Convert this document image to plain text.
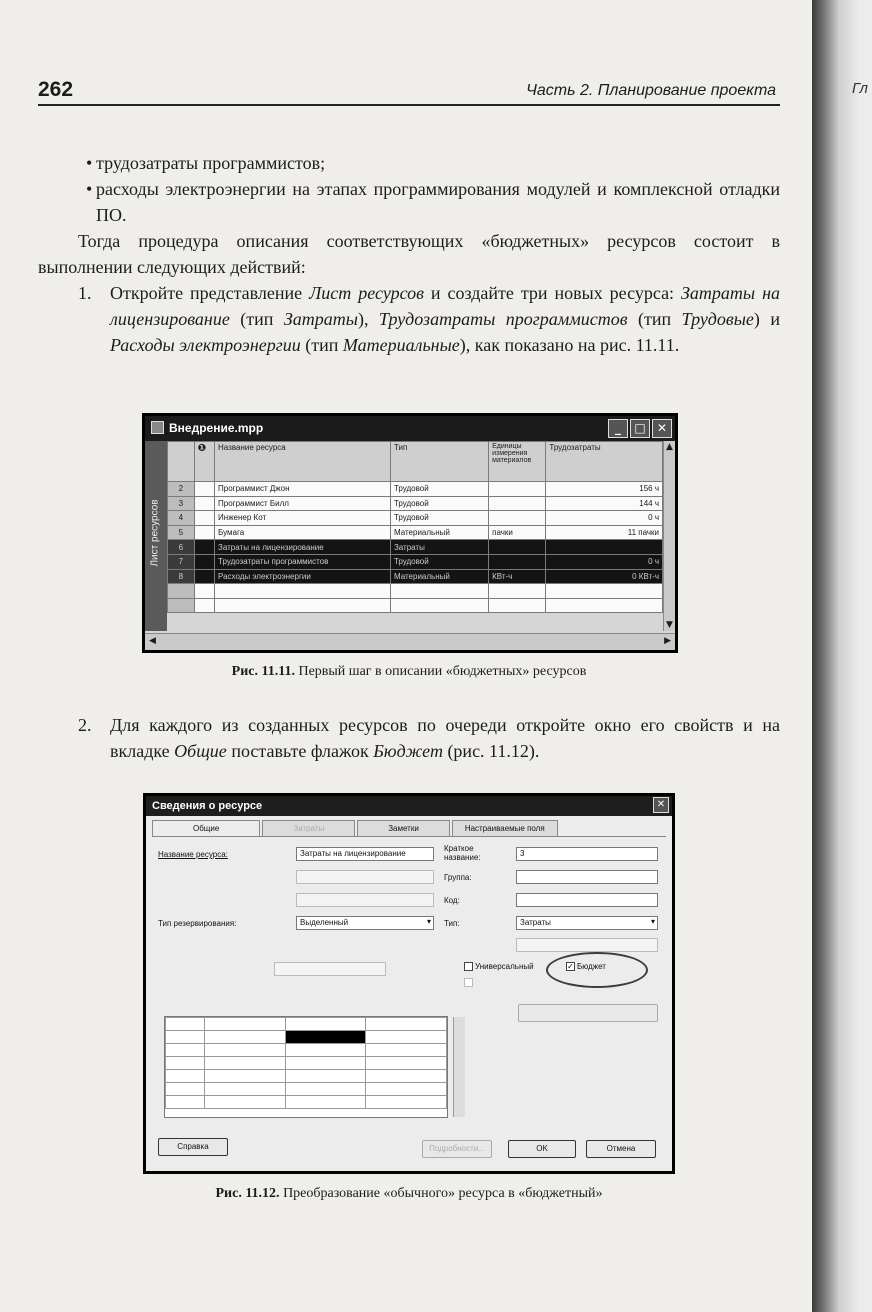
262	Часть 2. Планирование проекта
• трудозатраты программистов;
• расходы электроэнергии на этапах программирования модулей и комплексной отладки ПО.
Тогда процедура описания соответствующих «бюджетных» ресурсов состоит в выполнении следующих действий:
1. Откройте представление Лист ресурсов и создайте три новых ресурса: Затраты на лицензирование (тип Затраты), Трудозатраты программистов (тип Трудовые) и Расходы электроэнергии (тип Материальные), как показано на рис. 11.11.
Внедрение.mpp	_	□ ✕
Лист ресурсов
	❶	Название ресурса	Тип	Единицы измерения материалов	Трудозатраты
2		Программист Джон	Трудовой		156 ч
3		Программист Билл	Трудовой		144 ч
4		Инженер Кот	Трудовой		0 ч
5		Бумага	Материальный	пачки	11 пачки
6		Затраты на лицензирование	Затраты		
7		Трудозатраты программистов	Трудовой		0 ч
8		Расходы электроэнергии	Материальный	КВт-ч	0 КВт-ч

▲
▼
◀	▶
Рис. 11.11. Первый шаг в описании «бюджетных» ресурсов
2. Для каждого из созданных ресурсов по очереди откройте окно его свойств и на вкладке Общие поставьте флажок Бюджет (рис. 11.12).
Сведения о ресурсе	✕
Общие	Затраты	Заметки	Настраиваемые поля
Название ресурса:	Затраты на лицензирование
Краткое название:	3
Группа:
Код:
Тип резервирования:	Выделенный ▾	Тип:	Затраты ▾
Универсальный	✓ Бюджет

Справка	Подробности...	OK	Отмена
Рис. 11.12. Преобразование «обычного» ресурса в «бюджетный»
Гл
